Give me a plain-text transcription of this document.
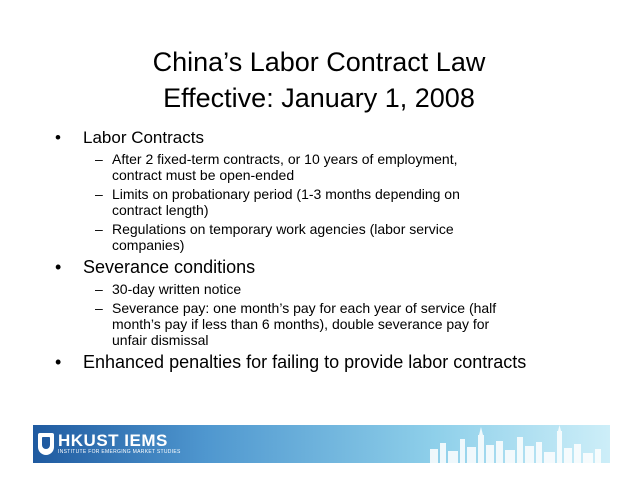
China’s Labor Contract Law
Effective: January 1, 2008
• Labor Contracts
– After 2 fixed-term contracts, or 10 years of employment,
contract must be open-ended
– Limits on probationary period (1-3 months depending on
contract length)
– Regulations on temporary work agencies (labor service
companies)
• Severance conditions
– 30-day written notice
– Severance pay: one month’s pay for each year of service (half
month’s pay if less than 6 months), double severance pay for
unfair dismissal
• Enhanced penalties for failing to provide labor contracts
HKUST IEMS
INSTITUTE FOR EMERGING MARKET STUDIES
